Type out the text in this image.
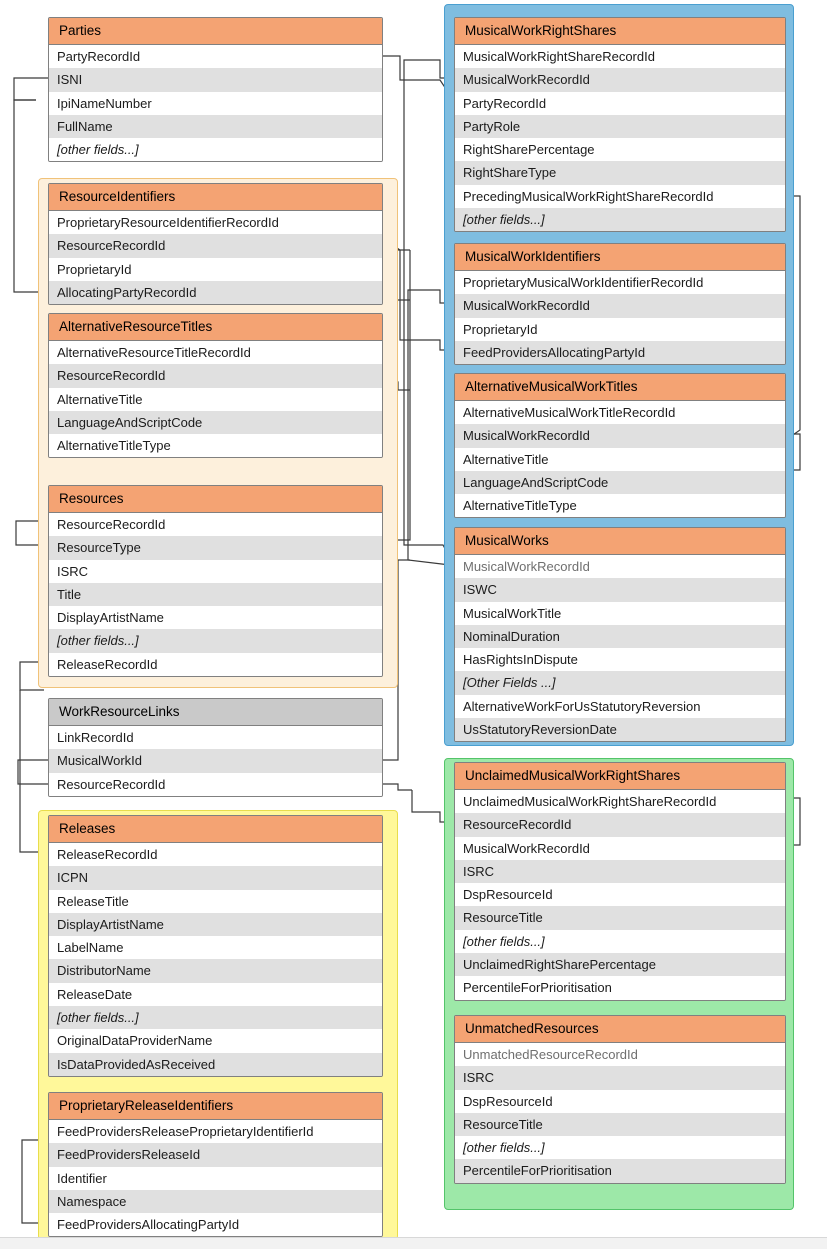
Parties
PartyRecordId
ISNI
IpiNameNumber
FullName
[other fields...]
ResourceIdentifiers
ProprietaryResourceIdentifierRecordId
ResourceRecordId
ProprietaryId
AllocatingPartyRecordId
AlternativeResourceTitles
AlternativeResourceTitleRecordId
ResourceRecordId
AlternativeTitle
LanguageAndScriptCode
AlternativeTitleType
Resources
ResourceRecordId
ResourceType
ISRC
Title
DisplayArtistName
[other fields...]
ReleaseRecordId
WorkResourceLinks
LinkRecordId
MusicalWorkId
ResourceRecordId
Releases
ReleaseRecordId
ICPN
ReleaseTitle
DisplayArtistName
LabelName
DistributorName
ReleaseDate
[other fields...]
OriginalDataProviderName
IsDataProvidedAsReceived
ProprietaryReleaseIdentifiers
FeedProvidersReleaseProprietaryIdentifierId
FeedProvidersReleaseId
Identifier
Namespace
FeedProvidersAllocatingPartyId
MusicalWorkRightShares
MusicalWorkRightShareRecordId
MusicalWorkRecordId
PartyRecordId
PartyRole
RightSharePercentage
RightShareType
PrecedingMusicalWorkRightShareRecordId
[other fields...]
MusicalWorkIdentifiers
ProprietaryMusicalWorkIdentifierRecordId
MusicalWorkRecordId
ProprietaryId
FeedProvidersAllocatingPartyId
AlternativeMusicalWorkTitles
AlternativeMusicalWorkTitleRecordId
MusicalWorkRecordId
AlternativeTitle
LanguageAndScriptCode
AlternativeTitleType
MusicalWorks
MusicalWorkRecordId
ISWC
MusicalWorkTitle
NominalDuration
HasRightsInDispute
[Other Fields ...]
AlternativeWorkForUsStatutoryReversion
UsStatutoryReversionDate
UnclaimedMusicalWorkRightShares
UnclaimedMusicalWorkRightShareRecordId
ResourceRecordId
MusicalWorkRecordId
ISRC
DspResourceId
ResourceTitle
[other fields...]
UnclaimedRightSharePercentage
PercentileForPrioritisation
UnmatchedResources
UnmatchedResourceRecordId
ISRC
DspResourceId
ResourceTitle
[other fields...]
PercentileForPrioritisation
